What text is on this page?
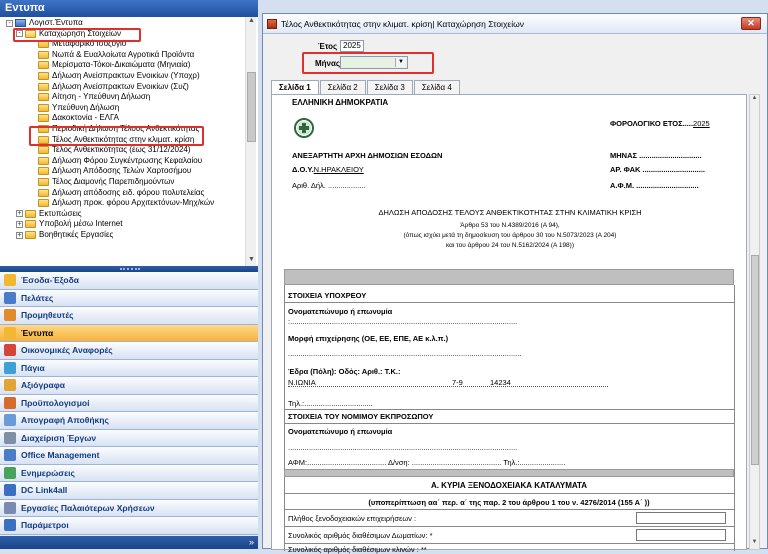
Εντυπα
- Λογιστ.Έντυπα
- Καταχώρηση Στοιχείων
Μεταφορικό Ισοζύγιο
Νωπά & Ευαλλοίωτα Αγροτικά Προϊόντα
Μερίσματα-Τόκοι-Δικαιώματα (Μηνιαία)
Δήλωση Ανείσπρακτων Ενοικίων (Υποχρ)
Δήλωση Ανείσπρακτων Ενοικίων (Συζ)
Αίτηση - Υπεύθυνη Δήλωση
Υπεύθυνη Δήλωση
Δακοκτονία - ΕΛΓΑ
Περιοδική Δήλωση Τέλους Ανθεκτικότητας
Τέλος Ανθεκτικότητας στην κλιματ. κρίση
Τέλος Ανθεκτικότητας (έως 31/12/2024)
Δήλωση Φόρου Συγκέντρωσης Κεφαλαίου
Δήλωση Απόδοσης Τελών Χαρτοσήμου
Τέλος Διαμονής Παρεπιδημούντων
Δήλωση απόδοσης ειδ. φόρου πολυτελείας
Δήλωση προκ. φόρου Αρχιτεκτόνων-Μηχ/κών
+ Εκτυπώσεις
+ Υποβολή μέσω Internet
+ Βοηθητικές Εργασίες
▲
▼
»
Έσοδα-Έξοδα
Πελάτες
Προμηθευτές
Έντυπα
Οικονομικές Αναφορές
Πάγια
Αξιόγραφα
Προϋπολογισμοί
Απογραφή Αποθήκης
Διαχείριση Έργων
Office Management
Ενημερώσεις
DC Link4all
Εργασίες Παλαιότερων Χρήσεων
Παράμετροι
Τέλος Ανθεκτικότητας στην κλιματ. κρίση| Καταχώρηση Στοιχείων	✕
Έτος 2025
Μήνας	▼
Σελίδα 1	Σελίδα 2	Σελίδα 3	Σελίδα 4
ΕΛΛΗΝΙΚΗ ΔΗΜΟΚΡΑΤΙΑ
ΦΟΡΟΛΟΓΙΚΟ ΕΤΟΣ.....2025
ΑΝΕΞΑΡΤΗΤΗ ΑΡΧΗ ΔΗΜΟΣΙΩΝ ΕΣΟΔΩΝ	ΜΗΝΑΣ ..............................
Δ.Ο.Υ.Ν.ΗΡΑΚΛΕΙΟΥ	ΑΡ. ΦΑΚ ..............................
Αριθ. Δήλ. ..................	Α.Φ.Μ. ..............................
ΔΗΛΩΣΗ ΑΠΟΔΟΣΗΣ ΤΕΛΟΥΣ ΑΝΘΕΚΤΙΚΟΤΗΤΑΣ ΣΤΗΝ ΚΛΙΜΑΤΙΚΗ ΚΡΙΣΗ
Άρθρο 53 του Ν.4389/2016 (Α 94),
(όπως ισχύει μετά τη δημοσίευση του άρθρου 30 του Ν.5073/2023 (Α 204)
και του άρθρου 24 του Ν.5162/2024 (Α 198))
ΣΤΟΙΧΕΙΑ ΥΠΟΧΡΕΟΥ
Ονοματεπώνυμο ή επωνυμία
:.............................................................................................................
Μορφή επιχείρησης (ΟΕ, ΕΕ, ΕΠΕ, ΑΕ κ.λ.π.)
................................................................................................................
Έδρα (Πόλη): Οδός: Αριθ.: Τ.Κ.:
Ν.ΙΩΝΙΑ	7-9	14234
Τηλ.:.................................
ΣΤΟΙΧΕΙΑ ΤΟΥ ΝΟΜΙΜΟΥ ΕΚΠΡΟΣΩΠΟΥ
Ονοματεπώνυμο ή επωνυμία
..............................................................................................................
ΑΦΜ:...................................... Δ/νση: ........................................... Τηλ.:......................
Α. ΚΥΡΙΑ ΞΕΝΟΔΟΧΕΙΑΚΑ ΚΑΤΑΛΥΜΑΤΑ
(υποπερίπτωση αα΄ περ. α΄ της παρ. 2 του άρθρου 1 του ν. 4276/2014 (155 Α΄ ))
Πλήθος ξενοδοχειακών επιχειρήσεων :
Συνολικός αριθμός διαθέσιμων Δωματίων: *
Συνολικός αριθμός διαθέσιμων κλινών : **
▲
▼
